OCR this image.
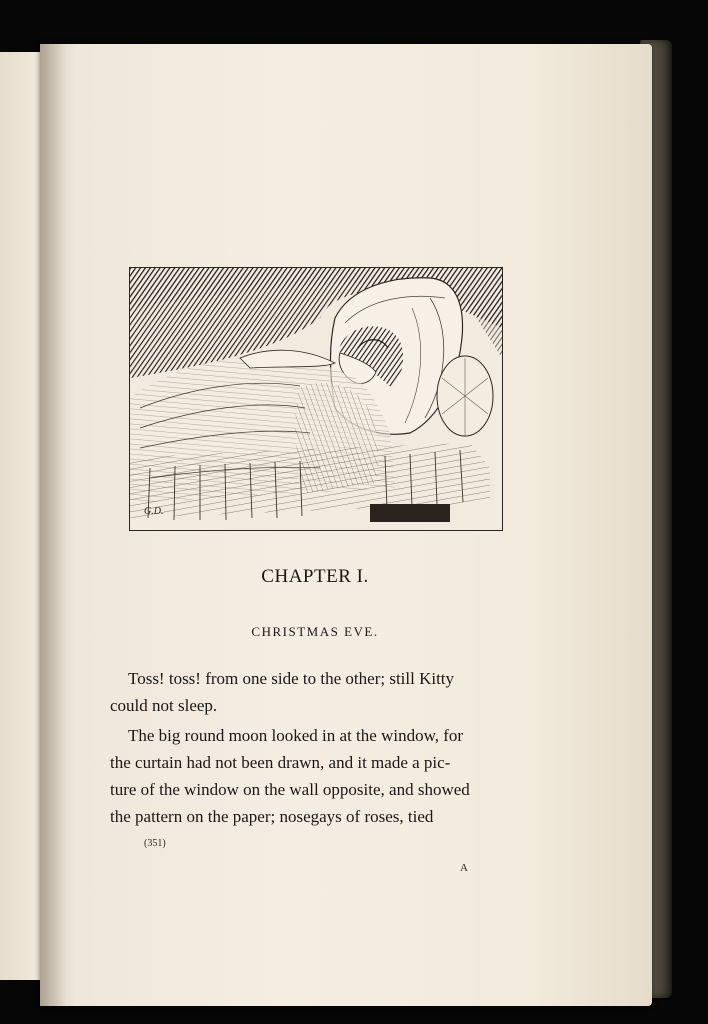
G.D.
CHAPTER I.
CHRISTMAS EVE.
Toss! toss! from one side to the other; still Kitty
could not sleep.
The big round moon looked in at the window, for
the curtain had not been drawn, and it made a pic-
ture of the window on the wall opposite, and showed
the pattern on the paper; nosegays of roses, tied
(351)
A
